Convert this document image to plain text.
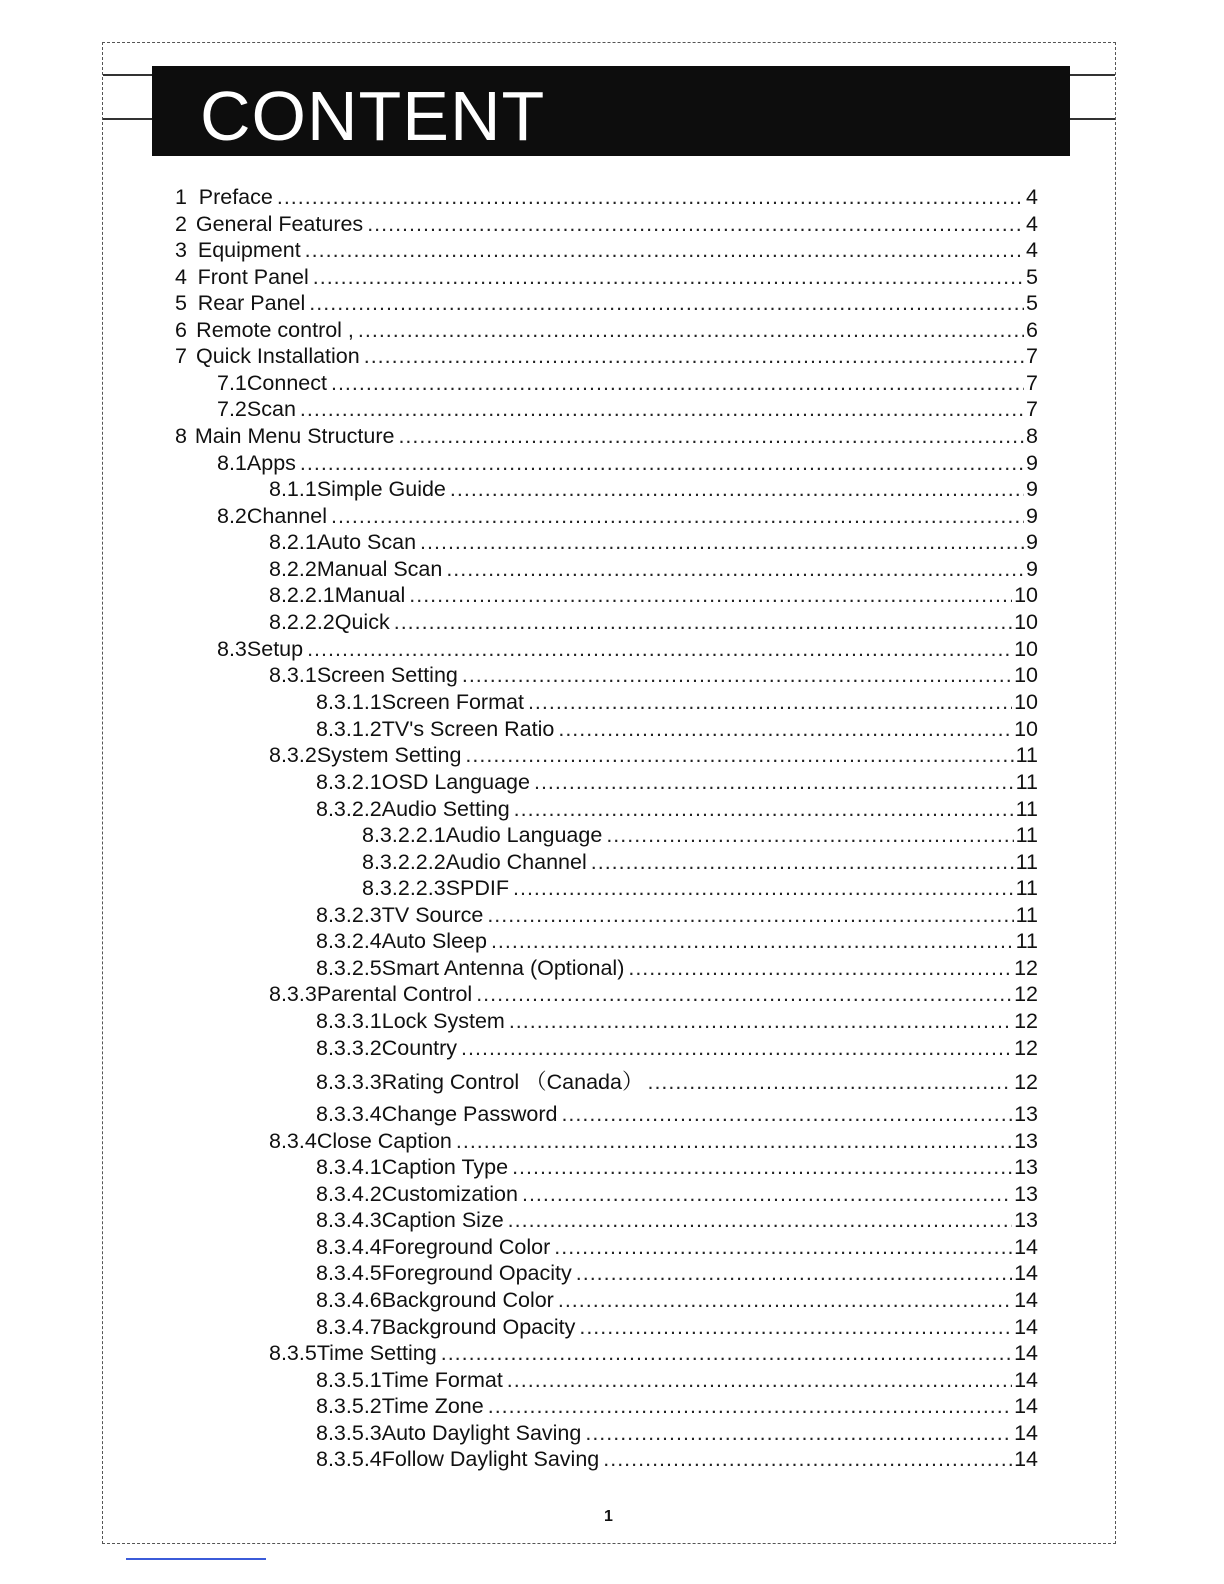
CONTENT
1 Preface .....	4
2 General Features .....	4
3 Equipment .....	4
4 Front Panel .....	5
5 Rear Panel .....	5
6 Remote control , .....	6
7 Quick Installation .....	7
7.1 Connect .....	7
7.2 Scan .....	7
8 Main Menu Structure .....	8
8.1 Apps .....	9
8.1.1 Simple Guide .....	9
8.2 Channel .....	9
8.2.1 Auto Scan .....	9
8.2.2 Manual Scan .....	9
8.2.2.1 Manual .....	10
8.2.2.2 Quick .....	10
8.3 Setup .....	10
8.3.1 Screen Setting .....	10
8.3.1.1 Screen Format .....	10
8.3.1.2 TV's Screen Ratio .....	10
8.3.2 System Setting .....	11
8.3.2.1 OSD Language .....	11
8.3.2.2 Audio Setting .....	11
8.3.2.2.1 Audio Language .....	11
8.3.2.2.2 Audio Channel .....	11
8.3.2.2.3 SPDIF .....	11
8.3.2.3 TV Source .....	11
8.3.2.4 Auto Sleep .....	11
8.3.2.5 Smart Antenna (Optional) .....	12
8.3.3 Parental Control .....	12
8.3.3.1 Lock System .....	12
8.3.3.2 Country .....	12
8.3.3.3 Rating Control （Canada） .....	12
8.3.3.4 Change Password .....	13
8.3.4 Close Caption .....	13
8.3.4.1 Caption Type .....	13
8.3.4.2 Customization .....	13
8.3.4.3 Caption Size .....	13
8.3.4.4 Foreground Color .....	14
8.3.4.5 Foreground Opacity .....	14
8.3.4.6 Background Color .....	14
8.3.4.7 Background Opacity .....	14
8.3.5 Time Setting .....	14
8.3.5.1 Time Format .....	14
8.3.5.2 Time Zone .....	14
8.3.5.3 Auto Daylight Saving .....	14
8.3.5.4 Follow Daylight Saving .....	14
1
